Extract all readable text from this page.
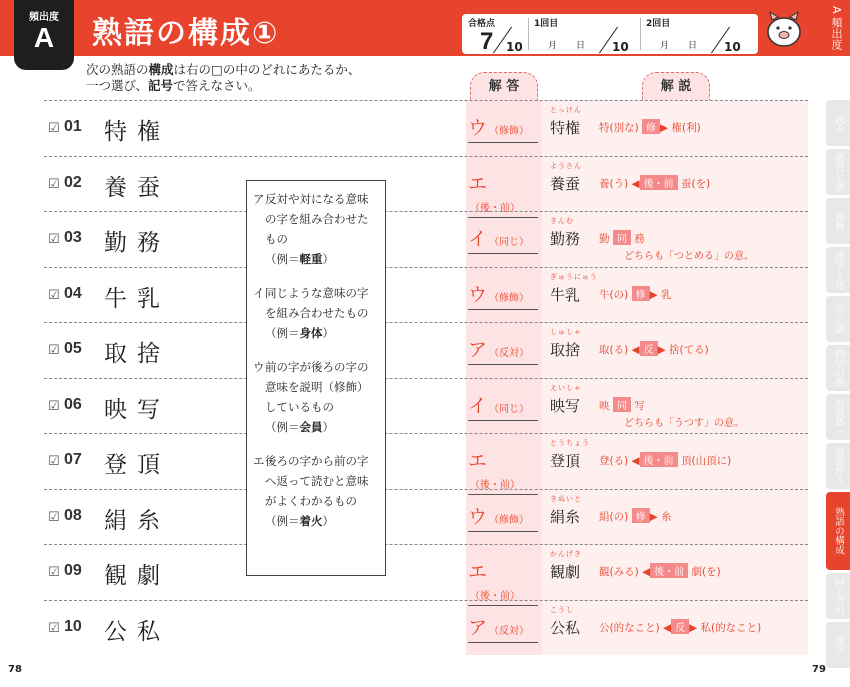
頻出度
A	熟語の構成①	合格点
7 10
1回目
月 日 10
2回目
月 日 10
A 頻出度
次の熟語の構成は右の□の中のどれにあたるか、
一つ選び、記号で答えなさい。	解 答	解 説
☑ 01 特権	ウ （修飾）
とっけん
特権 特(別な) 修 ▶ 権(利)
☑ 02 養蚕	エ（後・前）
ようさん
養蚕 養(う) ◀ 後・前 蚕(を)
☑ 03 勤務	イ （同じ）
きんむ
勤務 勤 同 務
どちらも「つとめる」の意。
☑ 04 牛乳	ウ （修飾）
ぎゅうにゅう
牛乳 牛(の) 修 ▶ 乳
☑ 05 取捨	ア （反対）
しゅしゃ
取捨 取(る) ◀ 反 ▶ 捨(てる)
☑ 06 映写	イ （同じ）
えいしゃ
映写 映 同 写
どちらも「うつす」の意。
☑ 07 登頂	エ（後・前）
とうちょう
登頂 登(る) ◀ 後・前 頂(山頂に)
☑ 08 絹糸	ウ （修飾）
きぬいと
絹糸 絹(の) 修 ▶ 糸
☑ 09 観劇	エ（後・前）
かんげき
観劇 観(みる) ◀ 後・前 劇(を)
☑ 10 公私	ア （反対）
こうし
公私 公(的なこと) ◀ 反 ▶ 私(的なこと)
ア 反対や対になる意味の字を組み合わせたもの
（例＝軽重）
イ 同じような意味の字を組み合わせたもの
（例＝身体）
ウ 前の字が後ろの字の意味を説明（修飾）しているもの
（例＝会員）
エ 後ろの字から前の字へ返って読むと意味がよくわかるもの
（例＝着火）
読み
部首と部首名
画数
漢字と送りがな
音と訓
四字の熟語
対義語・類義語
熟語作り
熟語の構成
同じ音の漢字
漢字
78	79
